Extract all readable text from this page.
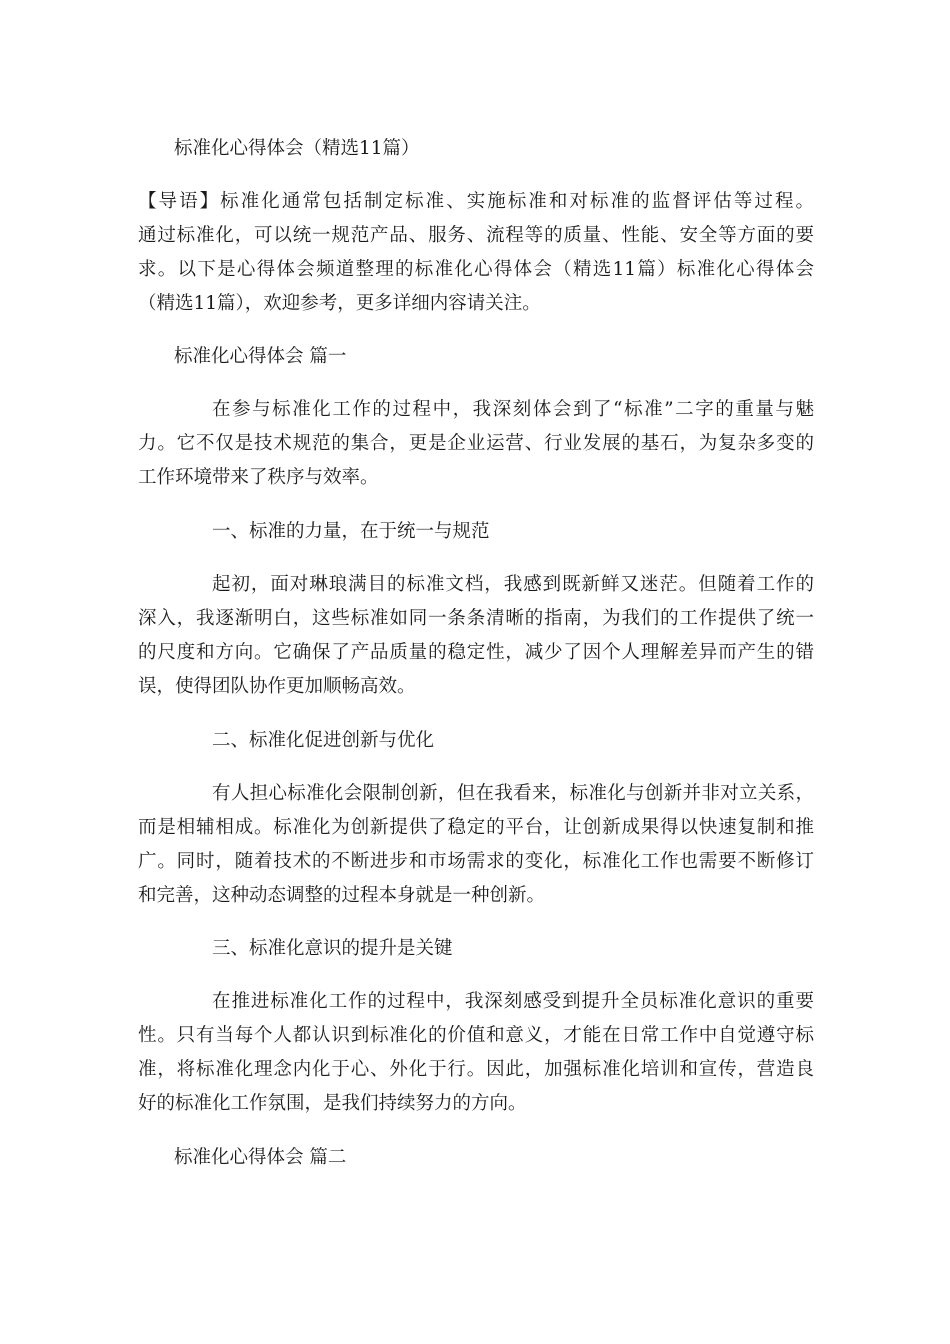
标准化心得体会（精选11篇）

【导语】标准化通常包括制定标准、实施标准和对标准的监督评估等过程。

通过标准化，可以统一规范产品、服务、流程等的质量、性能、安全等方面的要

求。以下是心得体会频道整理的标准化心得体会（精选11篇）标准化心得体会

（精选11篇），欢迎参考，更多详细内容请关注。

标准化心得体会 篇一

在参与标准化工作的过程中，我深刻体会到了“标准”二字的重量与魅

力。它不仅是技术规范的集合，更是企业运营、行业发展的基石，为复杂多变的

工作环境带来了秩序与效率。

一、标准的力量，在于统一与规范

起初，面对琳琅满目的标准文档，我感到既新鲜又迷茫。但随着工作的

深入，我逐渐明白，这些标准如同一条条清晰的指南，为我们的工作提供了统一

的尺度和方向。它确保了产品质量的稳定性，减少了因个人理解差异而产生的错

误，使得团队协作更加顺畅高效。

二、标准化促进创新与优化

有人担心标准化会限制创新，但在我看来，标准化与创新并非对立关系，

而是相辅相成。标准化为创新提供了稳定的平台，让创新成果得以快速复制和推

广。同时，随着技术的不断进步和市场需求的变化，标准化工作也需要不断修订

和完善，这种动态调整的过程本身就是一种创新。

三、标准化意识的提升是关键

在推进标准化工作的过程中，我深刻感受到提升全员标准化意识的重要

性。只有当每个人都认识到标准化的价值和意义，才能在日常工作中自觉遵守标

准，将标准化理念内化于心、外化于行。因此，加强标准化培训和宣传，营造良

好的标准化工作氛围，是我们持续努力的方向。

标准化心得体会 篇二
